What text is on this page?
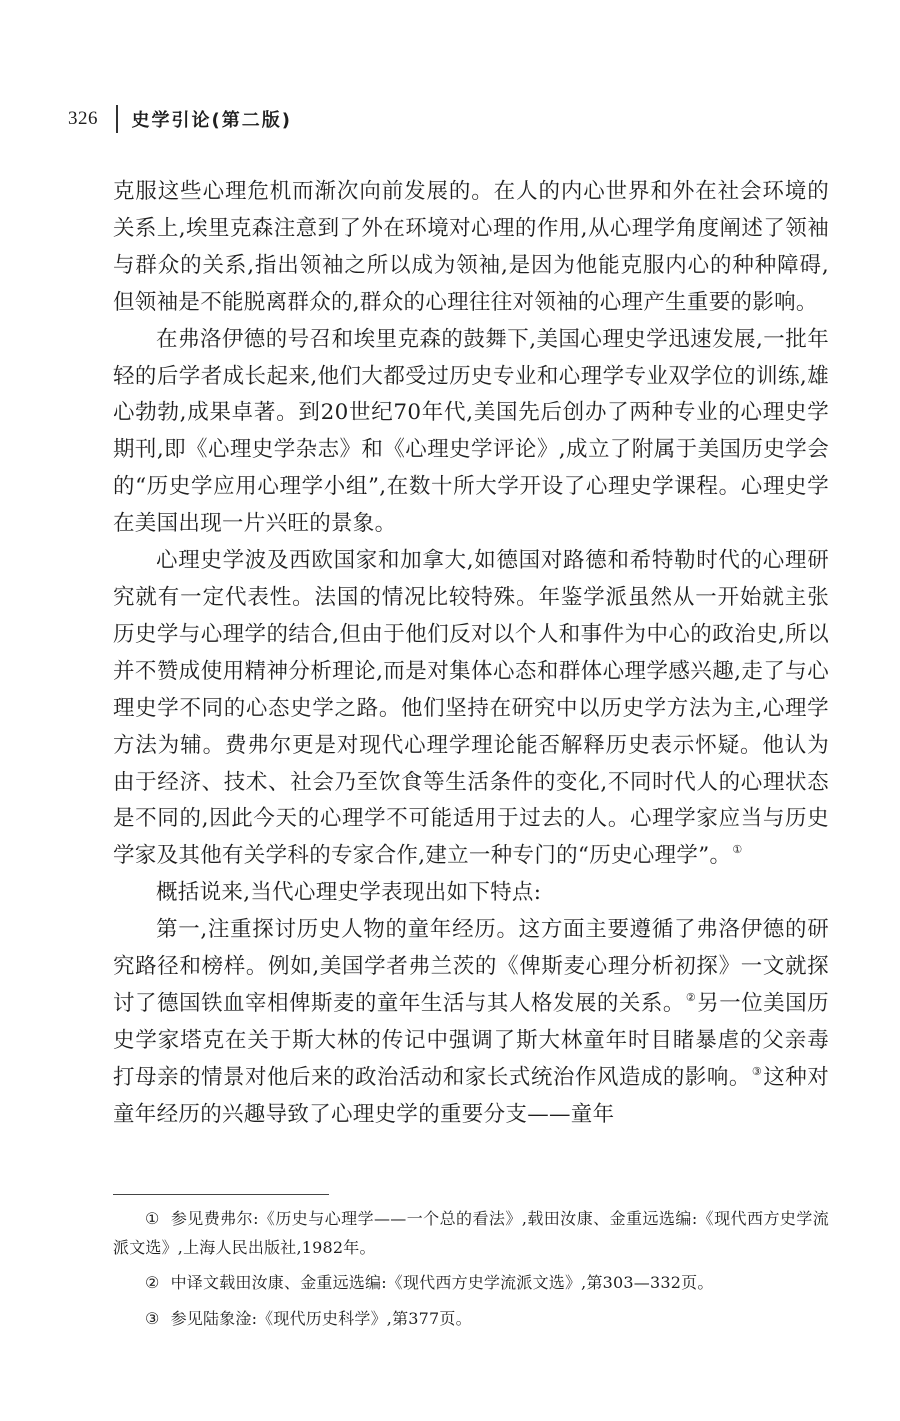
326 史学引论(第二版)

克服这些心理危机而渐次向前发展的。在人的内心世界和外在社会环境的关系上,埃里克森注意到了外在环境对心理的作用,从心理学角度阐述了领袖与群众的关系,指出领袖之所以成为领袖,是因为他能克服内心的种种障碍,但领袖是不能脱离群众的,群众的心理往往对领袖的心理产生重要的影响。

在弗洛伊德的号召和埃里克森的鼓舞下,美国心理史学迅速发展,一批年轻的后学者成长起来,他们大都受过历史专业和心理学专业双学位的训练,雄心勃勃,成果卓著。到20世纪70年代,美国先后创办了两种专业的心理史学期刊,即《心理史学杂志》和《心理史学评论》,成立了附属于美国历史学会的“历史学应用心理学小组”,在数十所大学开设了心理史学课程。心理史学在美国出现一片兴旺的景象。

心理史学波及西欧国家和加拿大,如德国对路德和希特勒时代的心理研究就有一定代表性。法国的情况比较特殊。年鉴学派虽然从一开始就主张历史学与心理学的结合,但由于他们反对以个人和事件为中心的政治史,所以并不赞成使用精神分析理论,而是对集体心态和群体心理学感兴趣,走了与心理史学不同的心态史学之路。他们坚持在研究中以历史学方法为主,心理学方法为辅。费弗尔更是对现代心理学理论能否解释历史表示怀疑。他认为由于经济、技术、社会乃至饮食等生活条件的变化,不同时代人的心理状态是不同的,因此今天的心理学不可能适用于过去的人。心理学家应当与历史学家及其他有关学科的专家合作,建立一种专门的“历史心理学”。①

概括说来,当代心理史学表现出如下特点:

第一,注重探讨历史人物的童年经历。这方面主要遵循了弗洛伊德的研究路径和榜样。例如,美国学者弗兰茨的《俾斯麦心理分析初探》一文就探讨了德国铁血宰相俾斯麦的童年生活与其人格发展的关系。②另一位美国历史学家塔克在关于斯大林的传记中强调了斯大林童年时目睹暴虐的父亲毒打母亲的情景对他后来的政治活动和家长式统治作风造成的影响。③这种对童年经历的兴趣导致了心理史学的重要分支——童年

① 参见费弗尔:《历史与心理学——一个总的看法》,载田汝康、金重远选编:《现代西方史学流派文选》,上海人民出版社,1982年。

② 中译文载田汝康、金重远选编:《现代西方史学流派文选》,第303—332页。

③ 参见陆象淦:《现代历史科学》,第377页。
